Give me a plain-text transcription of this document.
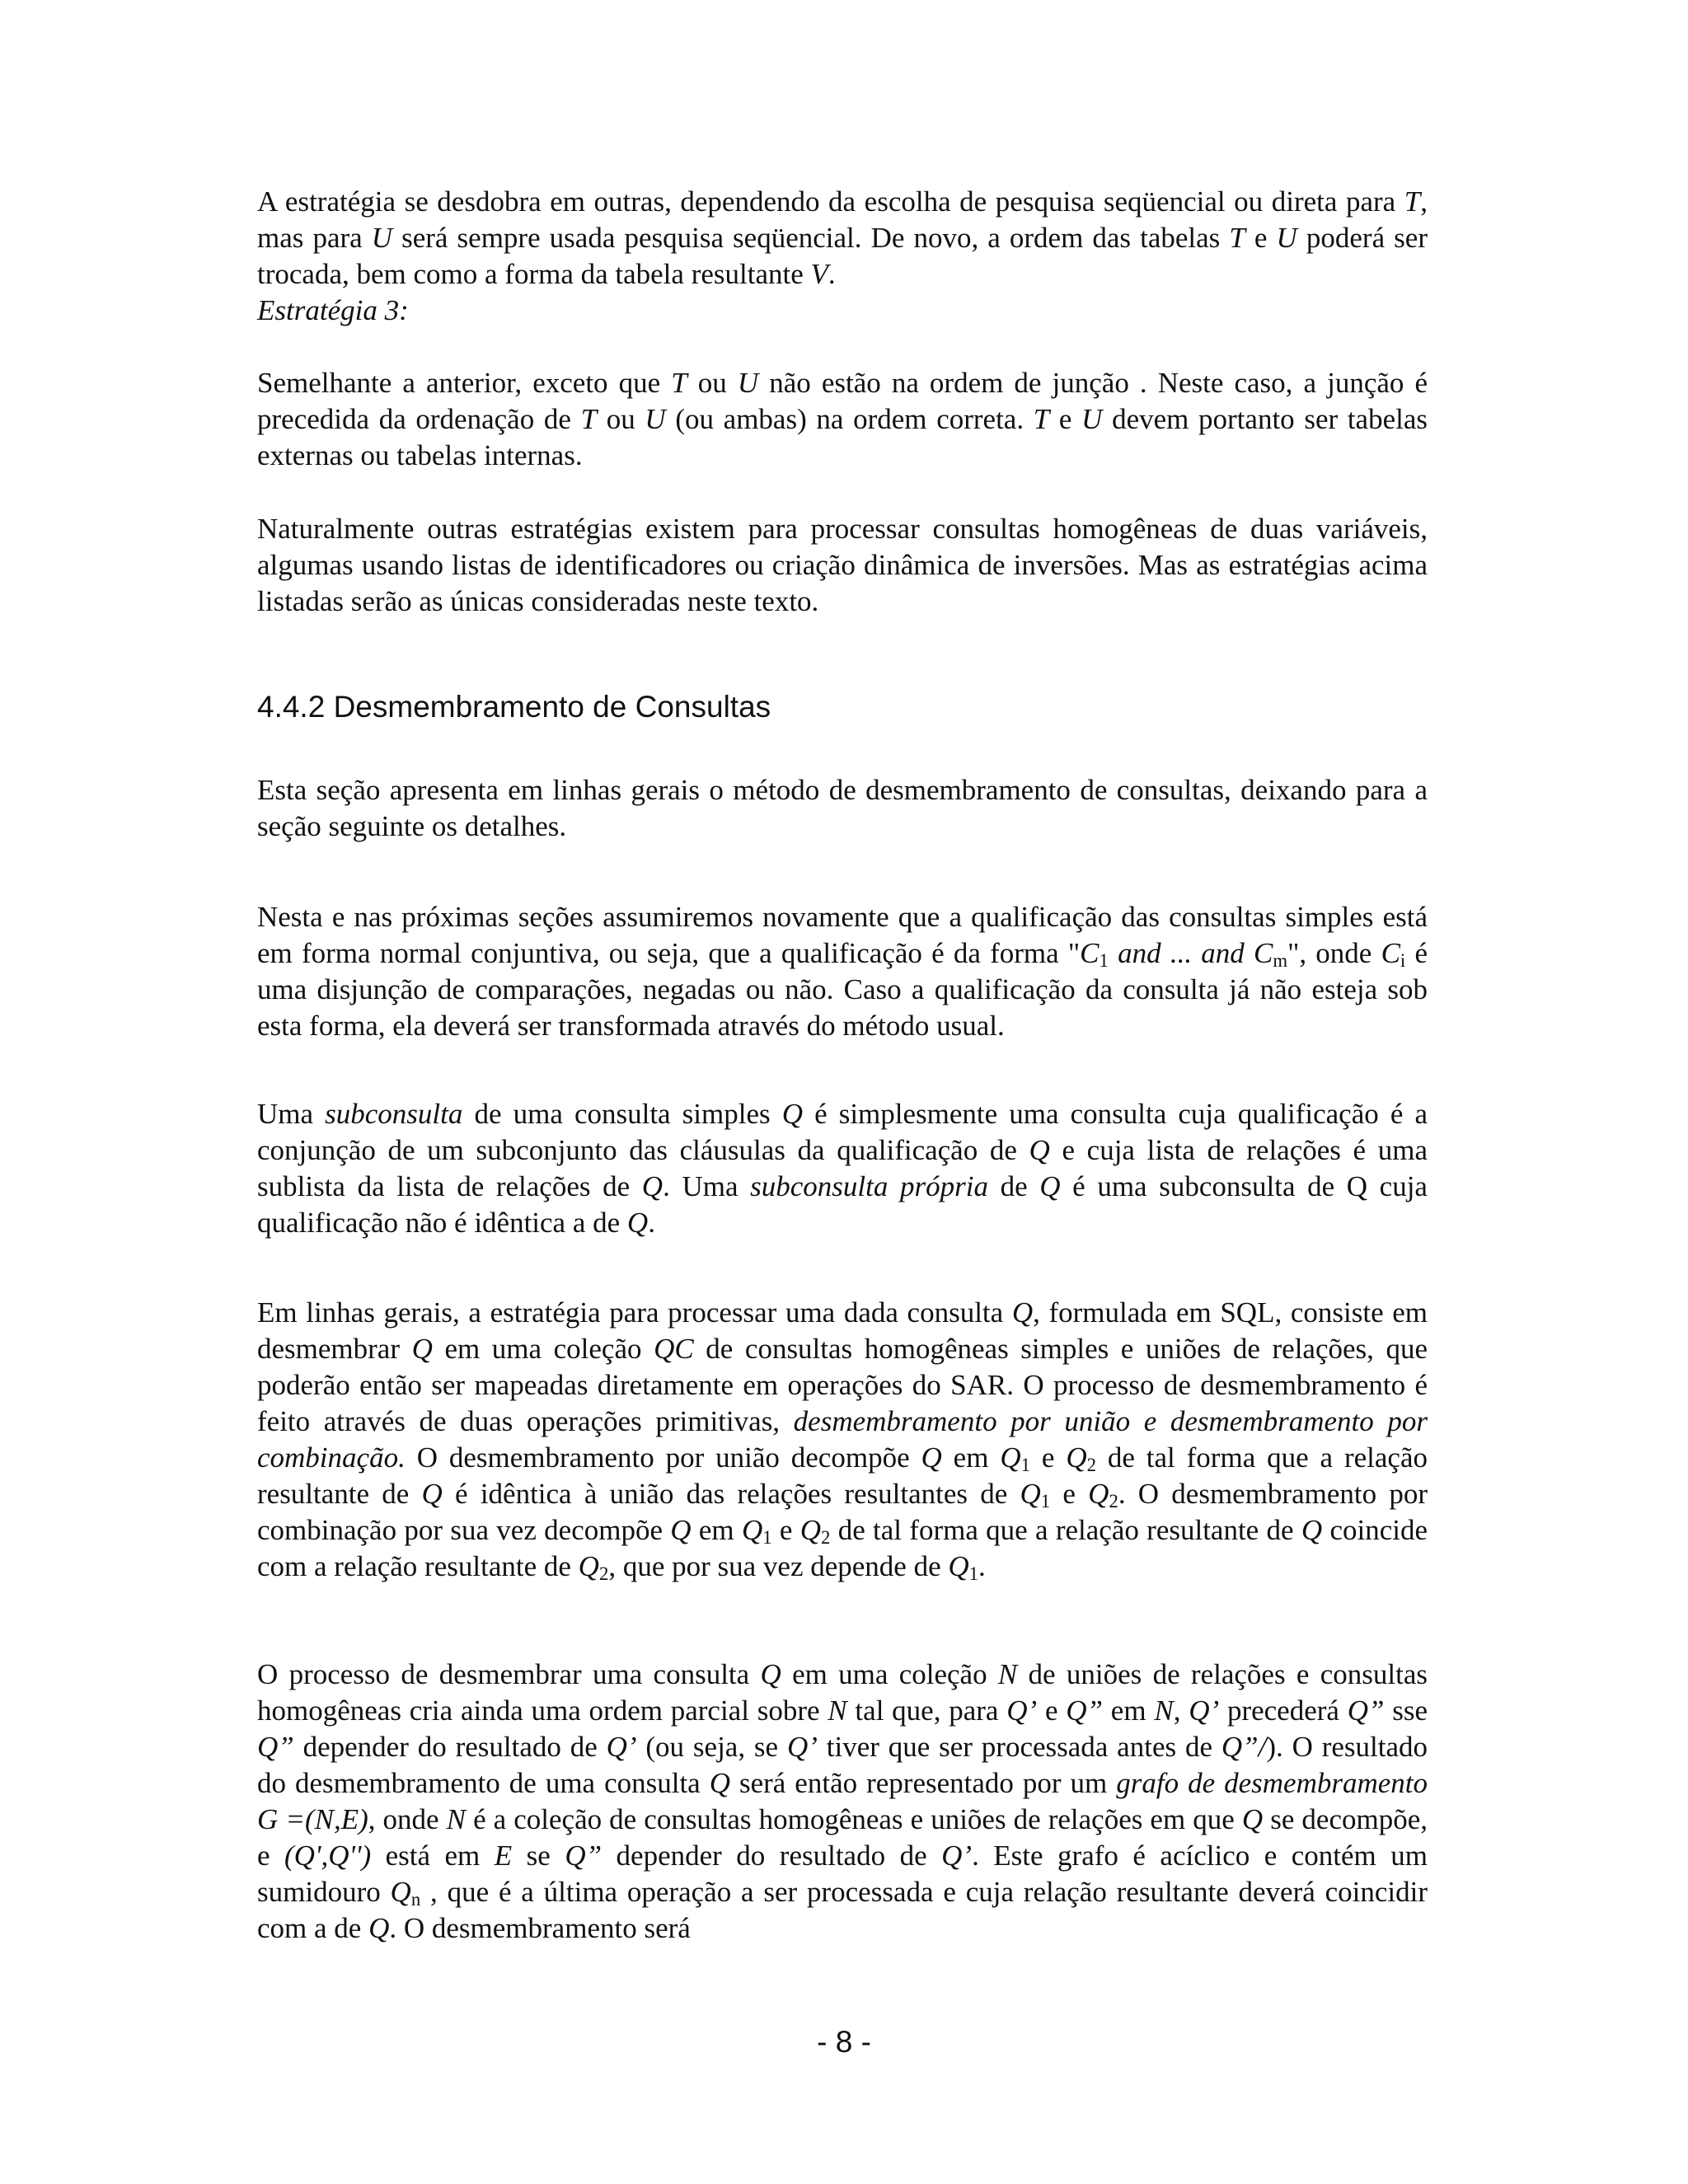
A estratégia se desdobra em outras, dependendo da escolha de pesquisa seqüencial ou direta para T, mas para U será sempre usada pesquisa seqüencial. De novo, a ordem das tabelas T e U poderá ser trocada, bem como a forma da tabela resultante V.
Estratégia 3:

Semelhante a anterior, exceto que T ou U não estão na ordem de junção . Neste caso, a junção é precedida da ordenação de T ou U (ou ambas) na ordem correta. T e U devem portanto ser tabelas externas ou tabelas internas.

Naturalmente outras estratégias existem para processar consultas homogêneas de duas variáveis, algumas usando listas de identificadores ou criação dinâmica de inversões. Mas as estratégias acima listadas serão as únicas consideradas neste texto.

4.4.2 Desmembramento de Consultas

Esta seção apresenta em linhas gerais o método de desmembramento de consultas, deixando para a seção seguinte os detalhes.

Nesta e nas próximas seções assumiremos novamente que a qualificação das consultas simples está em forma normal conjuntiva, ou seja, que a qualificação é da forma "$C_1$ and ... and $C_m$", onde $C_i$ é uma disjunção de comparações, negadas ou não. Caso a qualificação da consulta já não esteja sob esta forma, ela deverá ser transformada através do método usual.

Uma subconsulta de uma consulta simples Q é simplesmente uma consulta cuja qualificação é a conjunção de um subconjunto das cláusulas da qualificação de Q e cuja lista de relações é uma sublista da lista de relações de Q. Uma subconsulta própria de Q é uma subconsulta de Q cuja qualificação não é idêntica a de Q.

Em linhas gerais, a estratégia para processar uma dada consulta Q, formulada em SQL, consiste em desmembrar Q em uma coleção QC de consultas homogêneas simples e uniões de relações, que poderão então ser mapeadas diretamente em operações do SAR. O processo de desmembramento é feito através de duas operações primitivas, desmembramento por união e desmembramento por combinação. O desmembramento por união decompõe Q em $Q_1$ e $Q_2$ de tal forma que a relação resultante de Q é idêntica à união das relações resultantes de $Q_1$ e $Q_2$. O desmembramento por combinação por sua vez decompõe Q em $Q_1$ e $Q_2$ de tal forma que a relação resultante de Q coincide com a relação resultante de $Q_2$, que por sua vez depende de $Q_1$.

O processo de desmembrar uma consulta Q em uma coleção N de uniões de relações e consultas homogêneas cria ainda uma ordem parcial sobre N tal que, para Q’ e Q” em N, Q’ precederá Q” sse Q” depender do resultado de Q’ (ou seja, se Q’ tiver que ser processada antes de Q”/). O resultado do desmembramento de uma consulta Q será então representado por um grafo de desmembramento G =(N,E), onde N é a coleção de consultas homogêneas e uniões de relações em que Q se decompõe, e (Q',Q'') está em E se Q” depender do resultado de Q’. Este grafo é acíclico e contém um sumidouro $Q_n$ , que é a última operação a ser processada e cuja relação resultante deverá coincidir com a de Q. O desmembramento será

- 8 -
